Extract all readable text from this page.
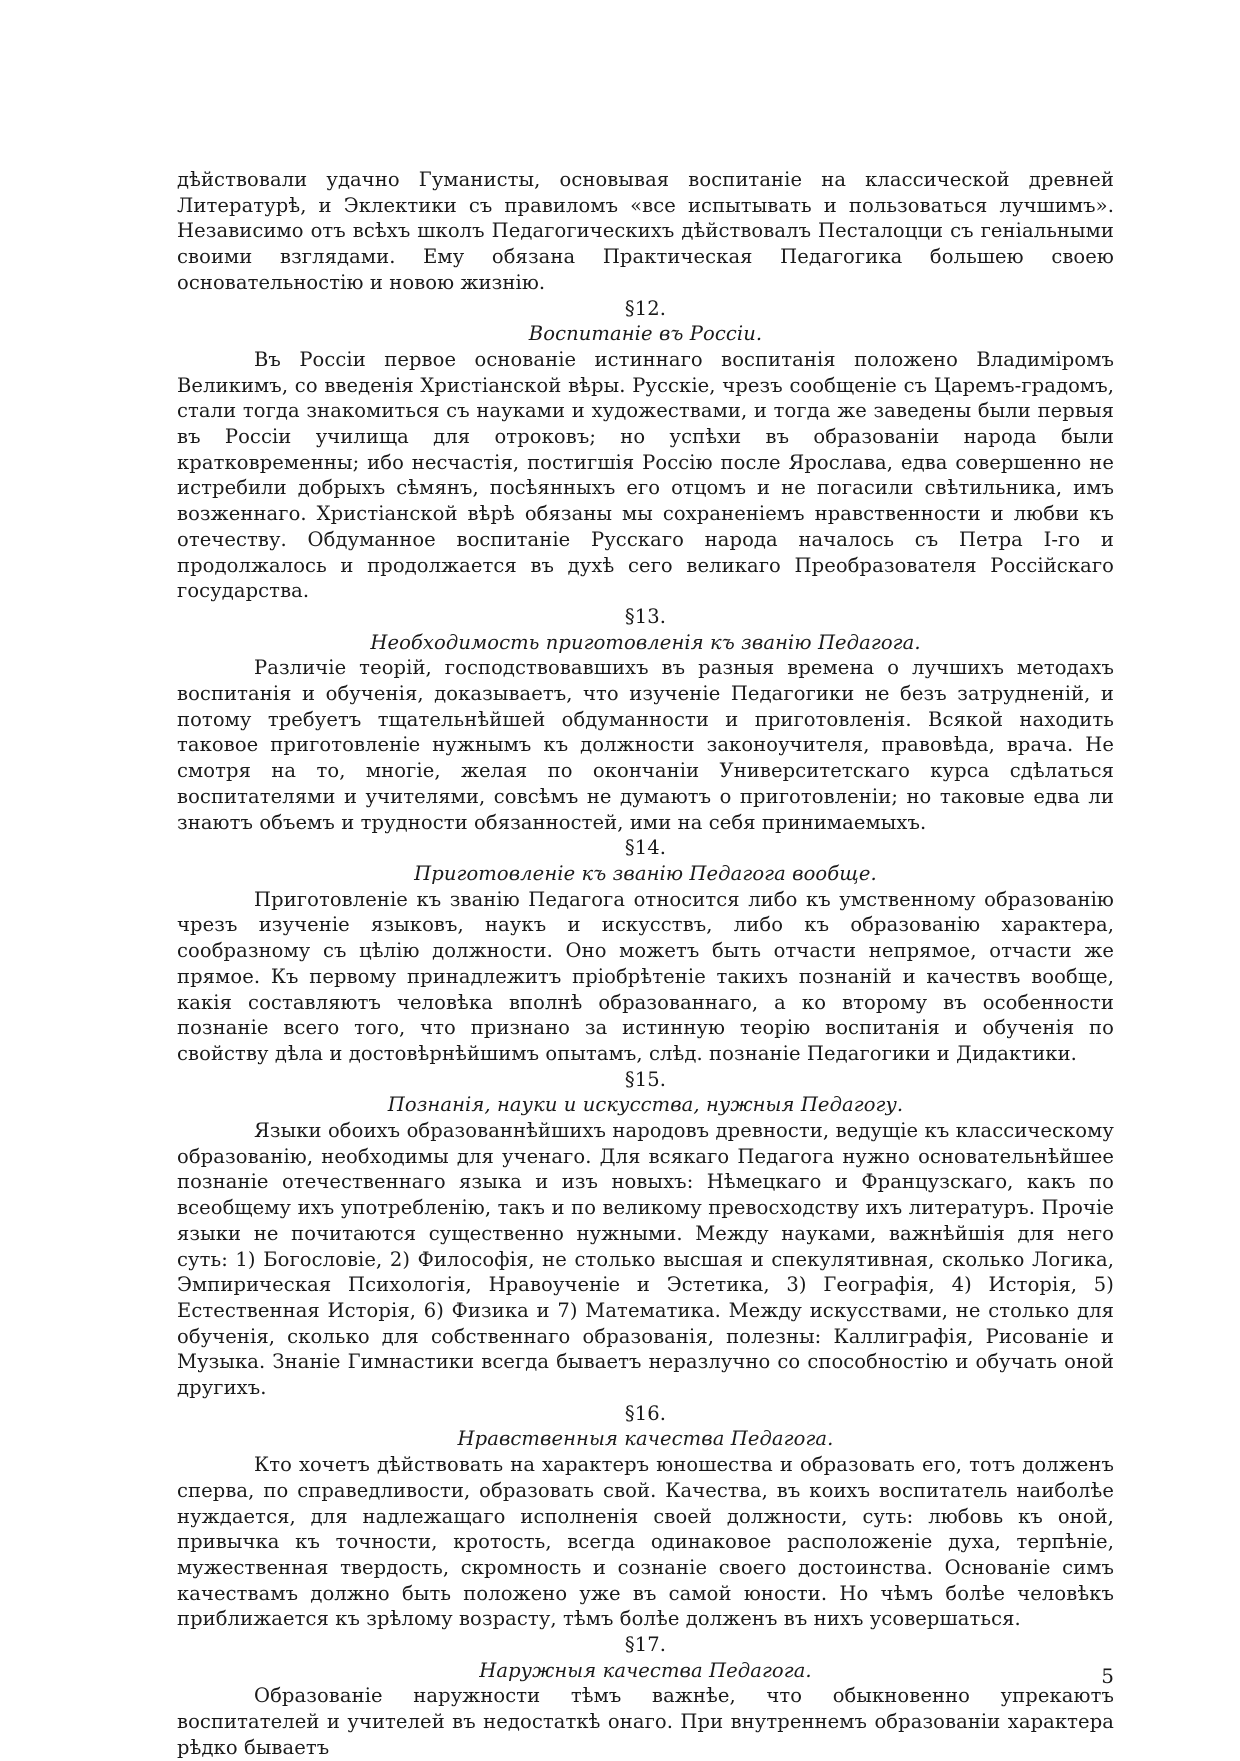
дѣйствовали удачно Гуманисты, основывая воспитаніе на классической древней Литературѣ, и Эклектики съ правиломъ «все испытывать и пользоваться лучшимъ». Независимо отъ всѣхъ школъ Педагогическихъ дѣйствовалъ Песталоцци съ геніальными своими взглядами. Ему обязана Практическая Педагогика большею своею основательностію и новою жизнію.

§12.

Воспитаніе въ Россіи.

Въ Россіи первое основаніе истиннаго воспитанія положено Владиміромъ Великимъ, со введенія Христіанской вѣры. Русскіе, чрезъ сообщеніе съ Царемъ-градомъ, стали тогда знакомиться съ науками и художествами, и тогда же заведены были первыя въ Россіи училища для отроковъ; но успѣхи въ образованіи народа были кратковременны; ибо несчастія, постигшія Россію после Ярослава, едва совершенно не истребили добрыхъ сѣмянъ, посѣянныхъ его отцомъ и не погасили свѣтильника, имъ возженнаго. Христіанской вѣрѣ обязаны мы сохраненіемъ нравственности и любви къ отечеству. Обдуманное воспитаніе Русскаго народа началось съ Петра I-го и продолжалось и продолжается въ духѣ сего великаго Преобразователя Россійскаго государства.

§13.

Необходимость приготовленія къ званію Педагога.

Различіе теорій, господствовавшихъ въ разныя времена о лучшихъ методахъ воспитанія и обученія, доказываетъ, что изученіе Педагогики не безъ затрудненій, и потому требуетъ тщательнѣйшей обдуманности и приготовленія. Всякой находить таковое приготовленіе нужнымъ къ должности законоучителя, правовѣда, врача. Не смотря на то, многіе, желая по окончаніи Университетскаго курса сдѣлаться воспитателями и учителями, совсѣмъ не думаютъ о приготовленіи; но таковые едва ли знаютъ объемъ и трудности обязанностей, ими на себя принимаемыхъ.

§14.

Приготовленіе къ званію Педагога вообще.

Приготовленіе къ званію Педагога относится либо къ умственному образованію чрезъ изученіе языковъ, наукъ и искусствъ, либо къ образованію характера, сообразному съ цѣлію должности. Оно можетъ быть отчасти непрямое, отчасти же прямое. Къ первому принадлежитъ пріобрѣтеніе такихъ познаній и качествъ вообще, какія составляютъ человѣка вполнѣ образованнаго, а ко второму въ особенности познаніе всего того, что признано за истинную теорію воспитанія и обученія по свойству дѣла и достовѣрнѣйшимъ опытамъ, слѣд. познаніе Педагогики и Дидактики.

§15.

Познанія, науки и искусства, нужныя Педагогу.

Языки обоихъ образованнѣйшихъ народовъ древности, ведущіе къ классическому образованію, необходимы для ученаго. Для всякаго Педагога нужно основательнѣйшее познаніе отечественнаго языка и изъ новыхъ: Нѣмецкаго и Французскаго, какъ по всеобщему ихъ употребленію, такъ и по великому превосходству ихъ литературъ. Прочіе языки не почитаются существенно нужными. Между науками, важнѣйшія для него суть: 1) Богословіе, 2) Философія, не столько высшая и спекулятивная, сколько Логика, Эмпирическая Психологія, Нравоученіе и Эстетика, 3) Географія, 4) Исторія, 5) Естественная Исторія, 6) Физика и 7) Математика. Между искусствами, не столько для обученія, сколько для собственнаго образованія, полезны: Каллиграфія, Рисованіе и Музыка. Знаніе Гимнастики всегда бываетъ неразлучно со способностію и обучать оной другихъ.

§16.

Нравственныя качества Педагога.

Кто хочетъ дѣйствовать на характеръ юношества и образовать его, тотъ долженъ сперва, по справедливости, образовать свой. Качества, въ коихъ воспитатель наиболѣе нуждается, для надлежащаго исполненія своей должности, суть: любовь къ оной, привычка къ точности, кротость, всегда одинаковое расположеніе духа, терпѣніе, мужественная твердость, скромность и сознаніе своего достоинства. Основаніе симъ качествамъ должно быть положено уже въ самой юности. Но чѣмъ болѣе человѣкъ приближается къ зрѣлому возрасту, тѣмъ болѣе долженъ въ нихъ усовершаться.

§17.

Наружныя качества Педагога.

Образованіе наружности тѣмъ важнѣе, что обыкновенно упрекаютъ воспитателей и учителей въ недостаткѣ онаго. При внутреннемъ образованіи характера рѣдко бываетъ

5
